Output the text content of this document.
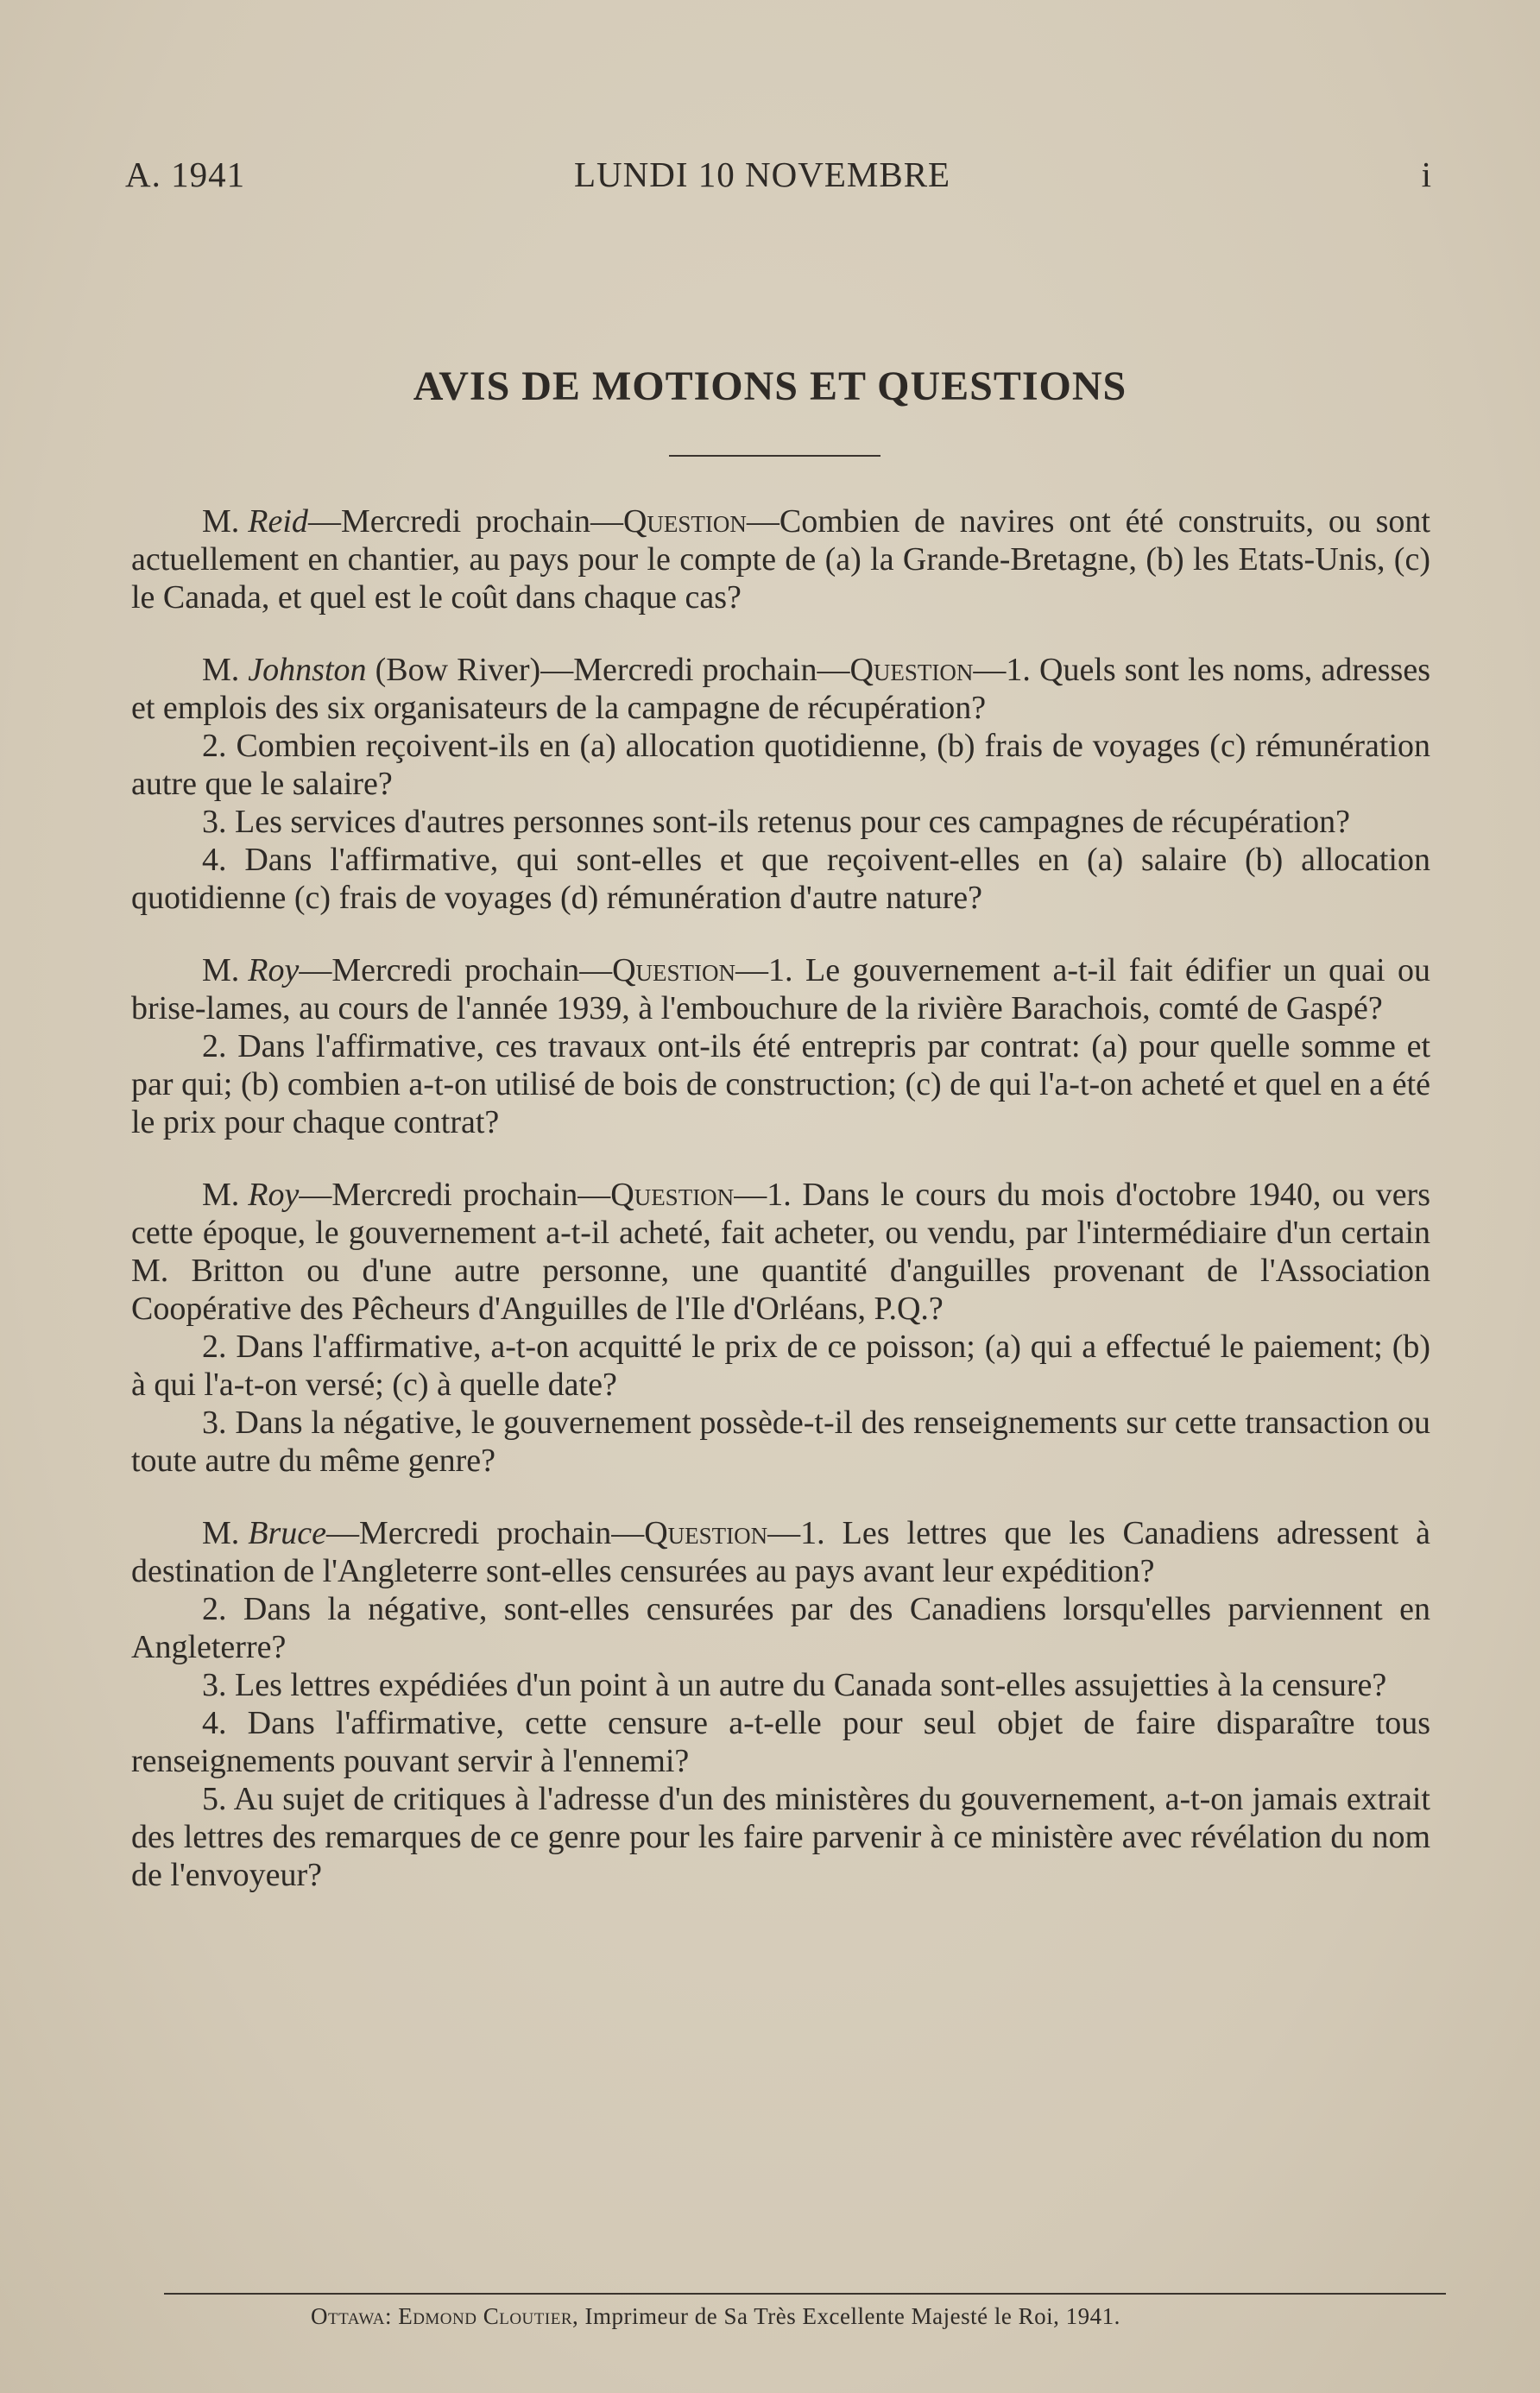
A. 1941	LUNDI 10 NOVEMBRE	i
AVIS DE MOTIONS ET QUESTIONS

M. Reid—Mercredi prochain—Question—Combien de navires ont été construits, ou sont actuellement en chantier, au pays pour le compte de (a) la Grande-Bretagne, (b) les Etats-Unis, (c) le Canada, et quel est le coût dans chaque cas?

M. Johnston (Bow River)—Mercredi prochain—Question—1. Quels sont les noms, adresses et emplois des six organisateurs de la campagne de récupération?

2. Combien reçoivent-ils en (a) allocation quotidienne, (b) frais de voyages (c) rémunération autre que le salaire?

3. Les services d'autres personnes sont-ils retenus pour ces campagnes de récupération?

4. Dans l'affirmative, qui sont-elles et que reçoivent-elles en (a) salaire (b) allocation quotidienne (c) frais de voyages (d) rémunération d'autre nature?

M. Roy—Mercredi prochain—Question—1. Le gouvernement a-t-il fait édifier un quai ou brise-lames, au cours de l'année 1939, à l'embouchure de la rivière Barachois, comté de Gaspé?

2. Dans l'affirmative, ces travaux ont-ils été entrepris par contrat: (a) pour quelle somme et par qui; (b) combien a-t-on utilisé de bois de construction; (c) de qui l'a-t-on acheté et quel en a été le prix pour chaque contrat?

M. Roy—Mercredi prochain—Question—1. Dans le cours du mois d'octobre 1940, ou vers cette époque, le gouvernement a-t-il acheté, fait acheter, ou vendu, par l'intermédiaire d'un certain M. Britton ou d'une autre personne, une quantité d'anguilles provenant de l'Association Coopérative des Pêcheurs d'Anguilles de l'Ile d'Orléans, P.Q.?

2. Dans l'affirmative, a-t-on acquitté le prix de ce poisson; (a) qui a effectué le paiement; (b) à qui l'a-t-on versé; (c) à quelle date?

3. Dans la négative, le gouvernement possède-t-il des renseignements sur cette transaction ou toute autre du même genre?

M. Bruce—Mercredi prochain—Question—1. Les lettres que les Canadiens adressent à destination de l'Angleterre sont-elles censurées au pays avant leur expédition?

2. Dans la négative, sont-elles censurées par des Canadiens lorsqu'elles parviennent en Angleterre?

3. Les lettres expédiées d'un point à un autre du Canada sont-elles assujetties à la censure?

4. Dans l'affirmative, cette censure a-t-elle pour seul objet de faire disparaître tous renseignements pouvant servir à l'ennemi?

5. Au sujet de critiques à l'adresse d'un des ministères du gouvernement, a-t-on jamais extrait des lettres des remarques de ce genre pour les faire parvenir à ce ministère avec révélation du nom de l'envoyeur?

Ottawa: Edmond Cloutier, Imprimeur de Sa Très Excellente Majesté le Roi, 1941.
